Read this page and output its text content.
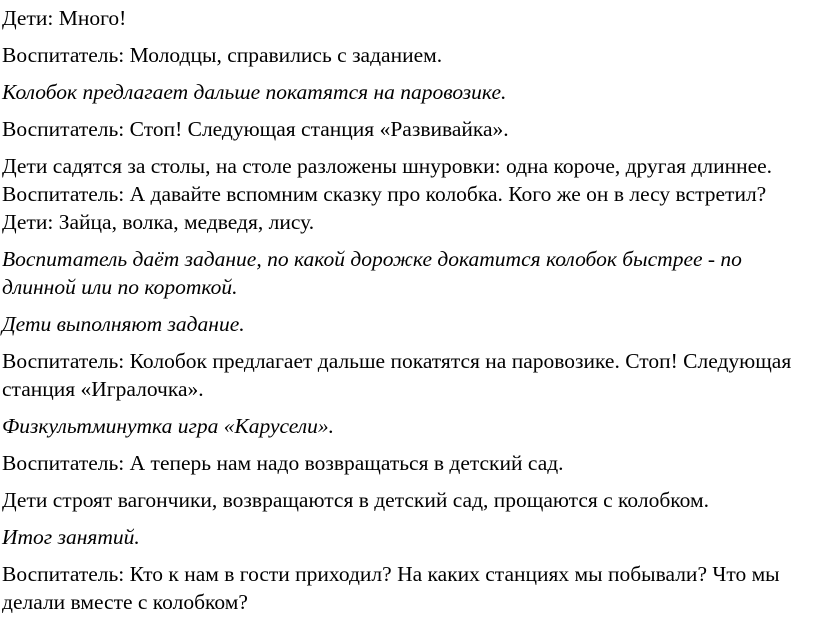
Дети: Много!

Воспитатель: Молодцы, справились с заданием.

Колобок предлагает дальше покатятся на паровозике.

Воспитатель: Стоп! Следующая станция «Развивайка».

Дети садятся за столы, на столе разложены шнуровки: одна короче, другая длиннее. Воспитатель: А давайте вспомним сказку про колобка. Кого же он в лесу встретил? Дети: Зайца, волка, медведя, лису.

Воспитатель даёт задание, по какой дорожке докатится колобок быстрее - по длинной или по короткой.

Дети выполняют задание.

Воспитатель: Колобок предлагает дальше покатятся на паровозике. Стоп! Следующая станция «Игралочка».

Физкультминутка игра «Карусели».

Воспитатель: А теперь нам надо возвращаться в детский сад.

Дети строят вагончики, возвращаются в детский сад, прощаются с колобком.

Итог занятий.

Воспитатель: Кто к нам в гости приходил? На каких станциях мы побывали? Что мы делали вместе с колобком?
